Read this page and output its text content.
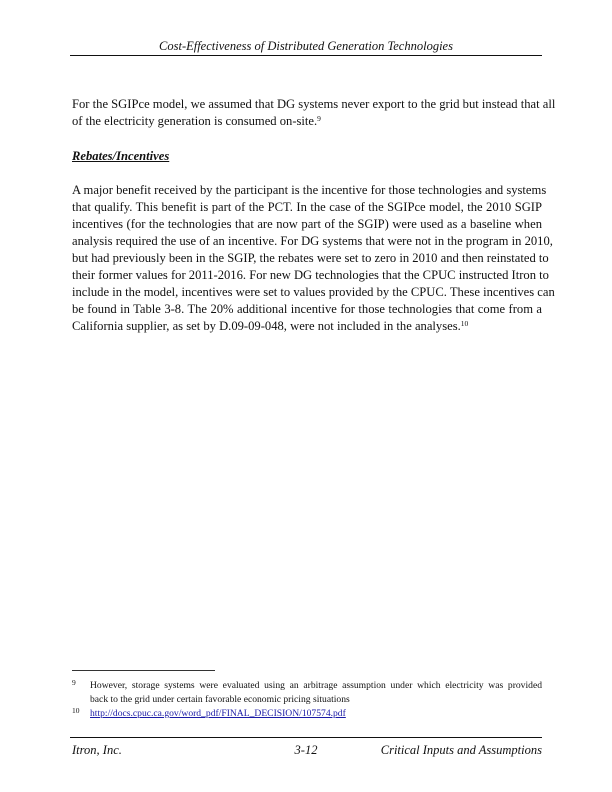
Cost-Effectiveness of Distributed Generation Technologies
For the SGIPce model, we assumed that DG systems never export to the grid but instead that all
of the electricity generation is consumed on-site.$^9$
Rebates/Incentives
A major benefit received by the participant is the incentive for those technologies and systems
that qualify. This benefit is part of the PCT. In the case of the SGIPce model, the 2010 SGIP
incentives (for the technologies that are now part of the SGIP) were used as a baseline when
analysis required the use of an incentive. For DG systems that were not in the program in 2010,
but had previously been in the SGIP, the rebates were set to zero in 2010 and then reinstated to
their former values for 2011-2016. For new DG technologies that the CPUC instructed Itron to
include in the model, incentives were set to values provided by the CPUC. These incentives can
be found in Table 3-8. The 20% additional incentive for those technologies that come from a
California supplier, as set by D.09-09-048, were not included in the analyses.$^{10}$
9 However, storage systems were evaluated using an arbitrage assumption under which electricity was provided
back to the grid under certain favorable economic pricing situations
10 http://docs.cpuc.ca.gov/word_pdf/FINAL_DECISION/107574.pdf
Itron, Inc.	3-12	Critical Inputs and Assumptions
